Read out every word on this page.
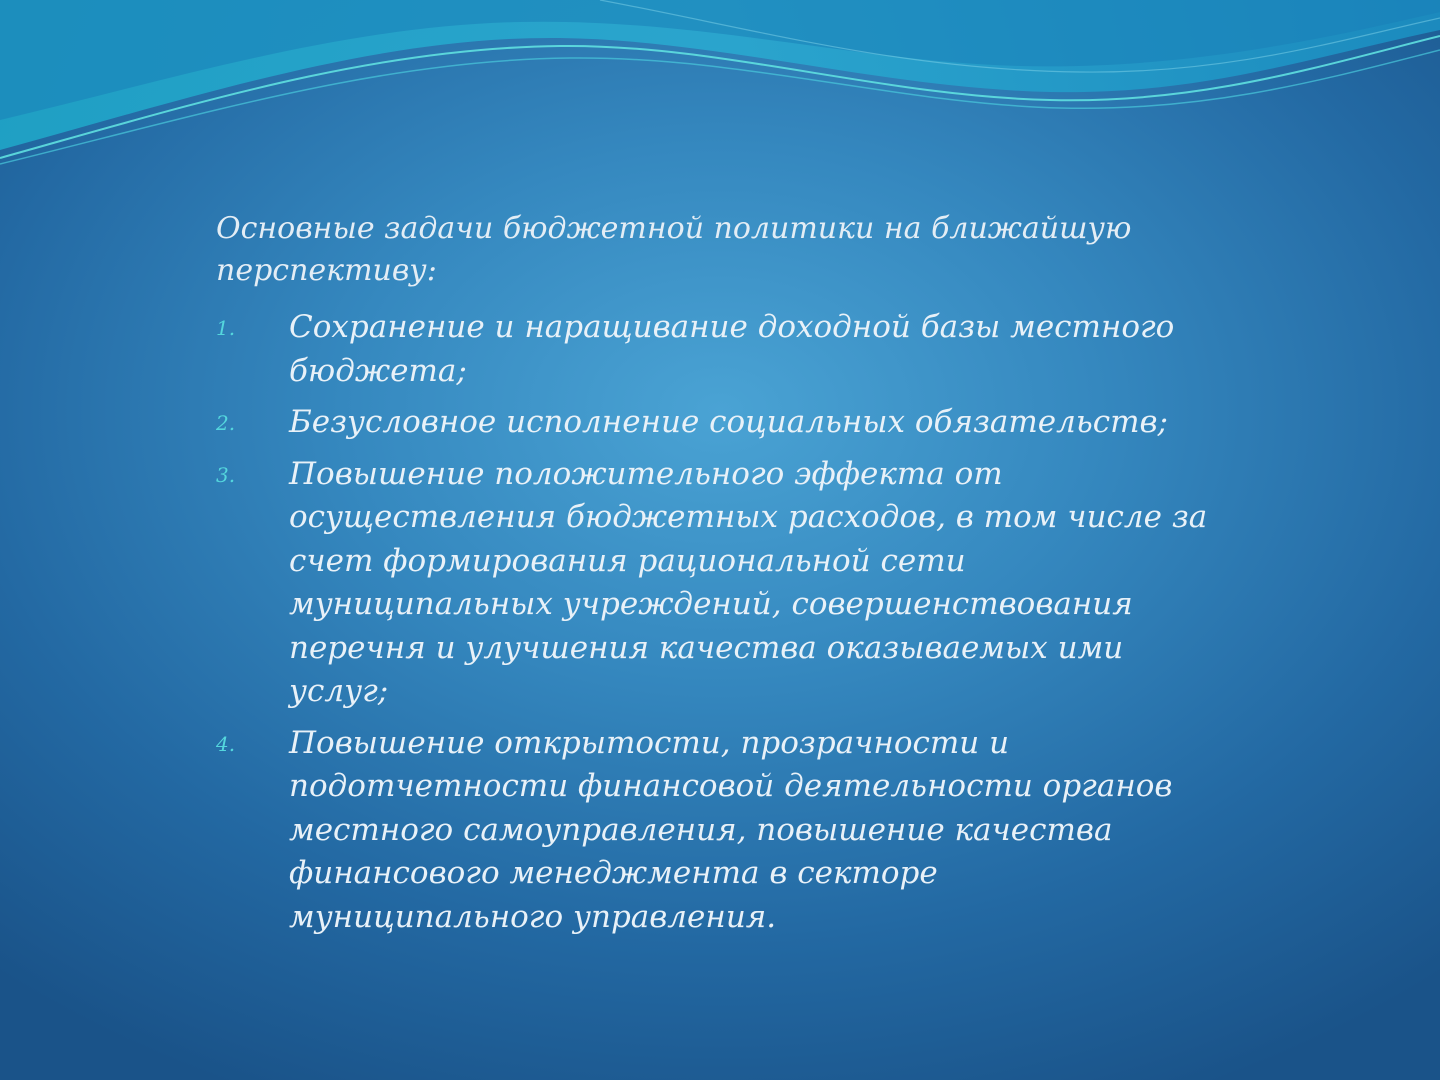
Основные задачи бюджетной политики на ближайшую перспективу:

1. Сохранение и наращивание доходной базы местного бюджета;
2. Безусловное исполнение социальных обязательств;
3. Повышение положительного эффекта от осуществления бюджетных расходов, в том числе за счет формирования рациональной сети муниципальных учреждений, совершенствования перечня и улучшения качества оказываемых ими услуг;
4. Повышение открытости, прозрачности и подотчетности финансовой деятельности органов местного самоуправления, повышение качества финансового менеджмента в секторе муниципального управления.
